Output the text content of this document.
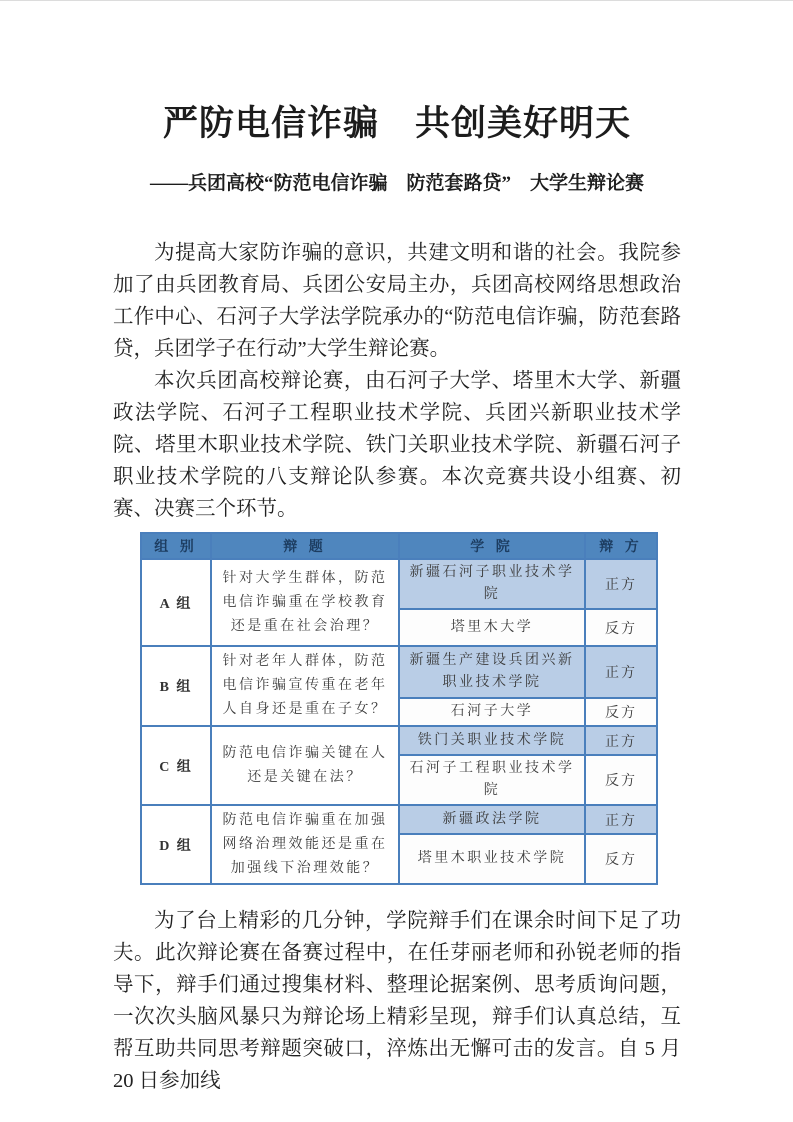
严防电信诈骗　共创美好明天
——兵团高校“防范电信诈骗　防范套路贷”　大学生辩论赛

为提高大家防诈骗的意识，共建文明和谐的社会。我院参加了由兵团教育局、兵团公安局主办，兵团高校网络思想政治工作中心、石河子大学法学院承办的“防范电信诈骗，防范套路贷，兵团学子在行动”大学生辩论赛。

本次兵团高校辩论赛，由石河子大学、塔里木大学、新疆政法学院、石河子工程职业技术学院、兵团兴新职业技术学院、塔里木职业技术学院、铁门关职业技术学院、新疆石河子职业技术学院的八支辩论队参赛。本次竞赛共设小组赛、初赛、决赛三个环节。

组 别	辩 题	学 院	辩 方
A 组	针对大学生群体，防范电信诈骗重在学校教育还是重在社会治理？	新疆石河子职业技术学院	正方
		塔里木大学	反方
B 组	针对老年人群体，防范电信诈骗宣传重在老年人自身还是重在子女？	新疆生产建设兵团兴新职业技术学院	正方
		石河子大学	反方
C 组	防范电信诈骗关键在人还是关键在法？	铁门关职业技术学院	正方
		石河子工程职业技术学院	反方
D 组	防范电信诈骗重在加强网络治理效能还是重在加强线下治理效能？	新疆政法学院	正方
		塔里木职业技术学院	反方

为了台上精彩的几分钟，学院辩手们在课余时间下足了功夫。此次辩论赛在备赛过程中，在任芽丽老师和孙锐老师的指导下，辩手们通过搜集材料、整理论据案例、思考质询问题，一次次头脑风暴只为辩论场上精彩呈现，辩手们认真总结，互帮互助共同思考辩题突破口，淬炼出无懈可击的发言。自 5 月 20 日参加线
